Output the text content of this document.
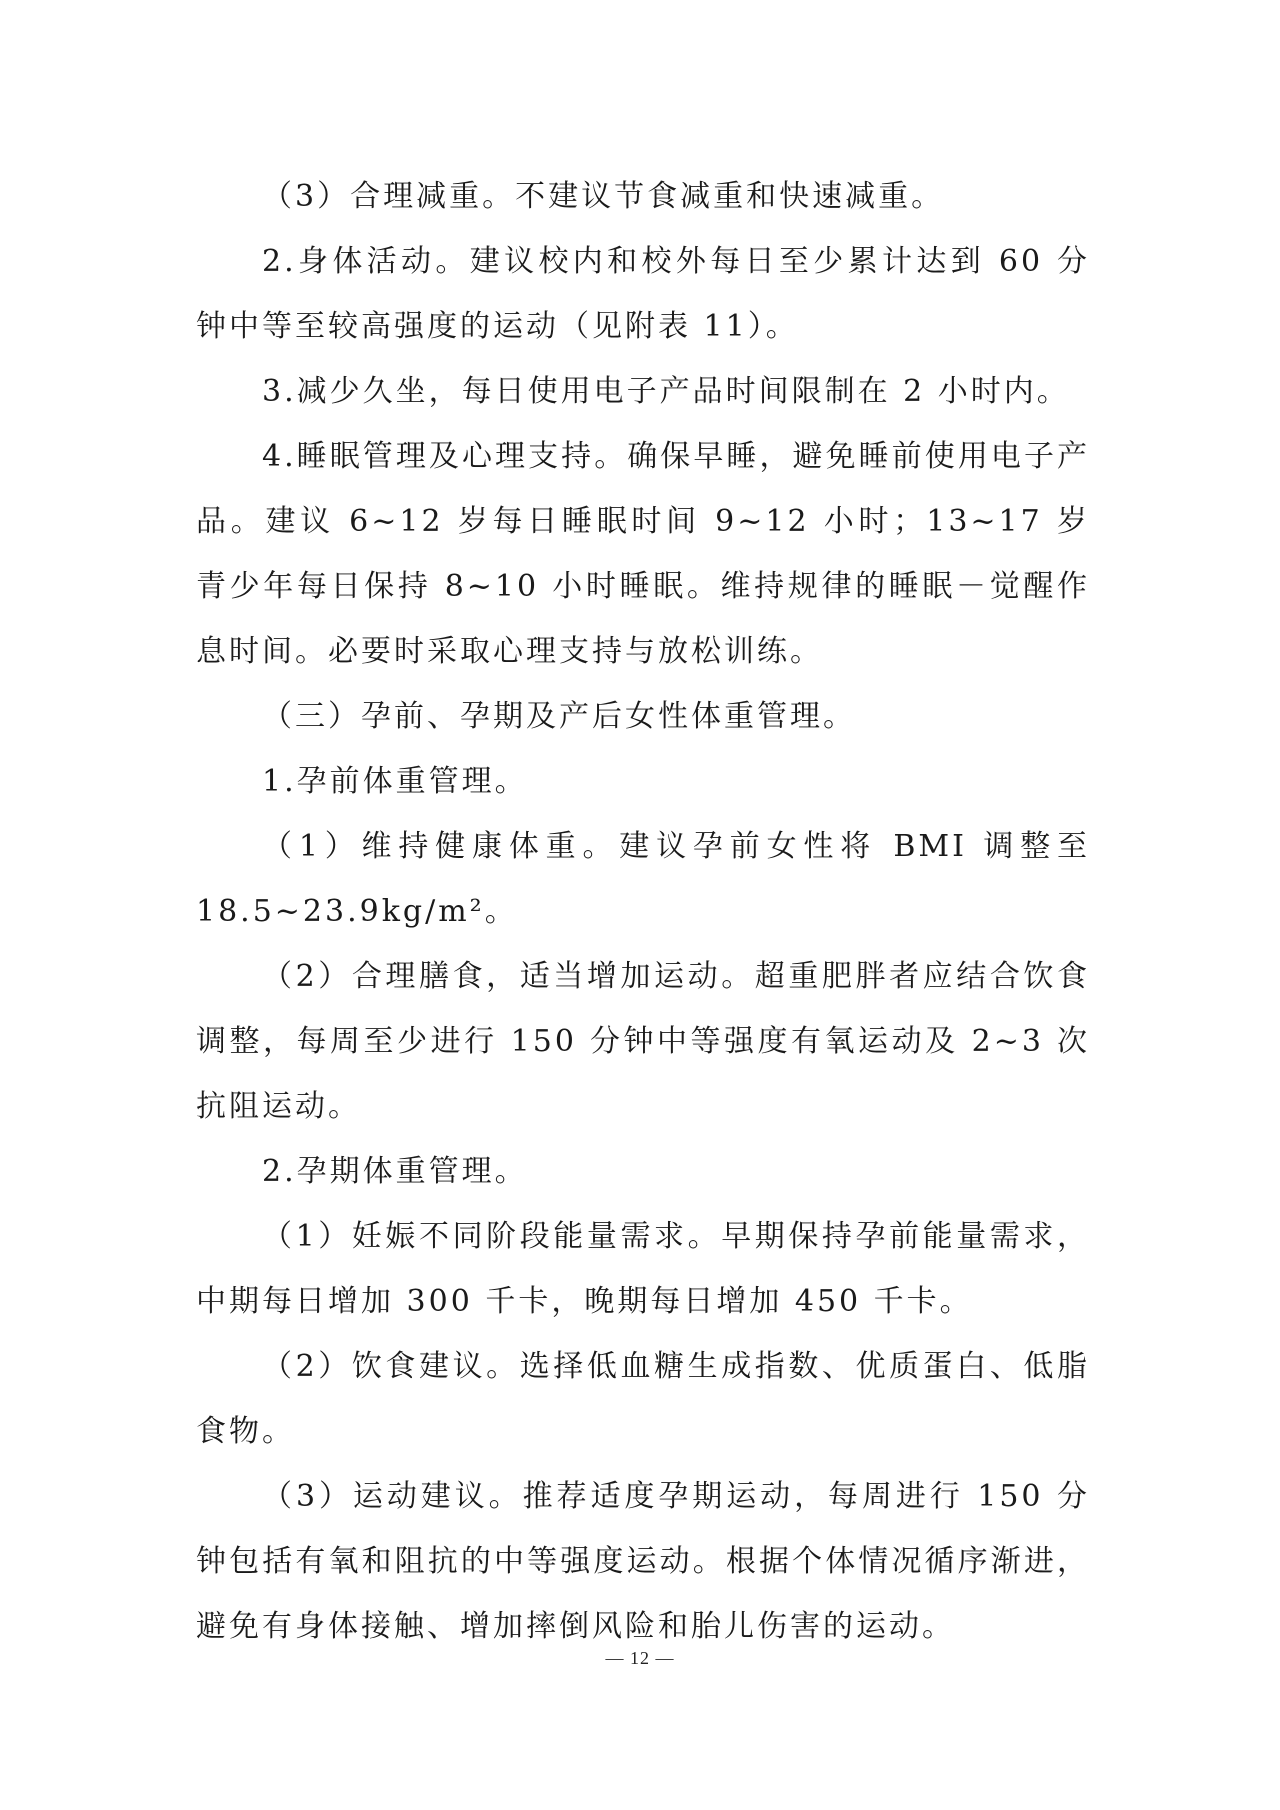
（3）合理减重。不建议节食减重和快速减重。

2.身体活动。建议校内和校外每日至少累计达到 60 分钟中等至较高强度的运动（见附表 11）。

3.减少久坐，每日使用电子产品时间限制在 2 小时内。

4.睡眠管理及心理支持。确保早睡，避免睡前使用电子产品。建议 6~12 岁每日睡眠时间 9~12 小时；13~17 岁青少年每日保持 8~10 小时睡眠。维持规律的睡眠－觉醒作息时间。必要时采取心理支持与放松训练。

（三）孕前、孕期及产后女性体重管理。

1.孕前体重管理。

（1）维持健康体重。建议孕前女性将 BMI 调整至 18.5~23.9kg/m²。

（2）合理膳食，适当增加运动。超重肥胖者应结合饮食调整，每周至少进行 150 分钟中等强度有氧运动及 2~3 次抗阻运动。

2.孕期体重管理。

（1）妊娠不同阶段能量需求。早期保持孕前能量需求，中期每日增加 300 千卡，晚期每日增加 450 千卡。

（2）饮食建议。选择低血糖生成指数、优质蛋白、低脂食物。

（3）运动建议。推荐适度孕期运动，每周进行 150 分钟包括有氧和阻抗的中等强度运动。根据个体情况循序渐进，避免有身体接触、增加摔倒风险和胎儿伤害的运动。

— 12 —
